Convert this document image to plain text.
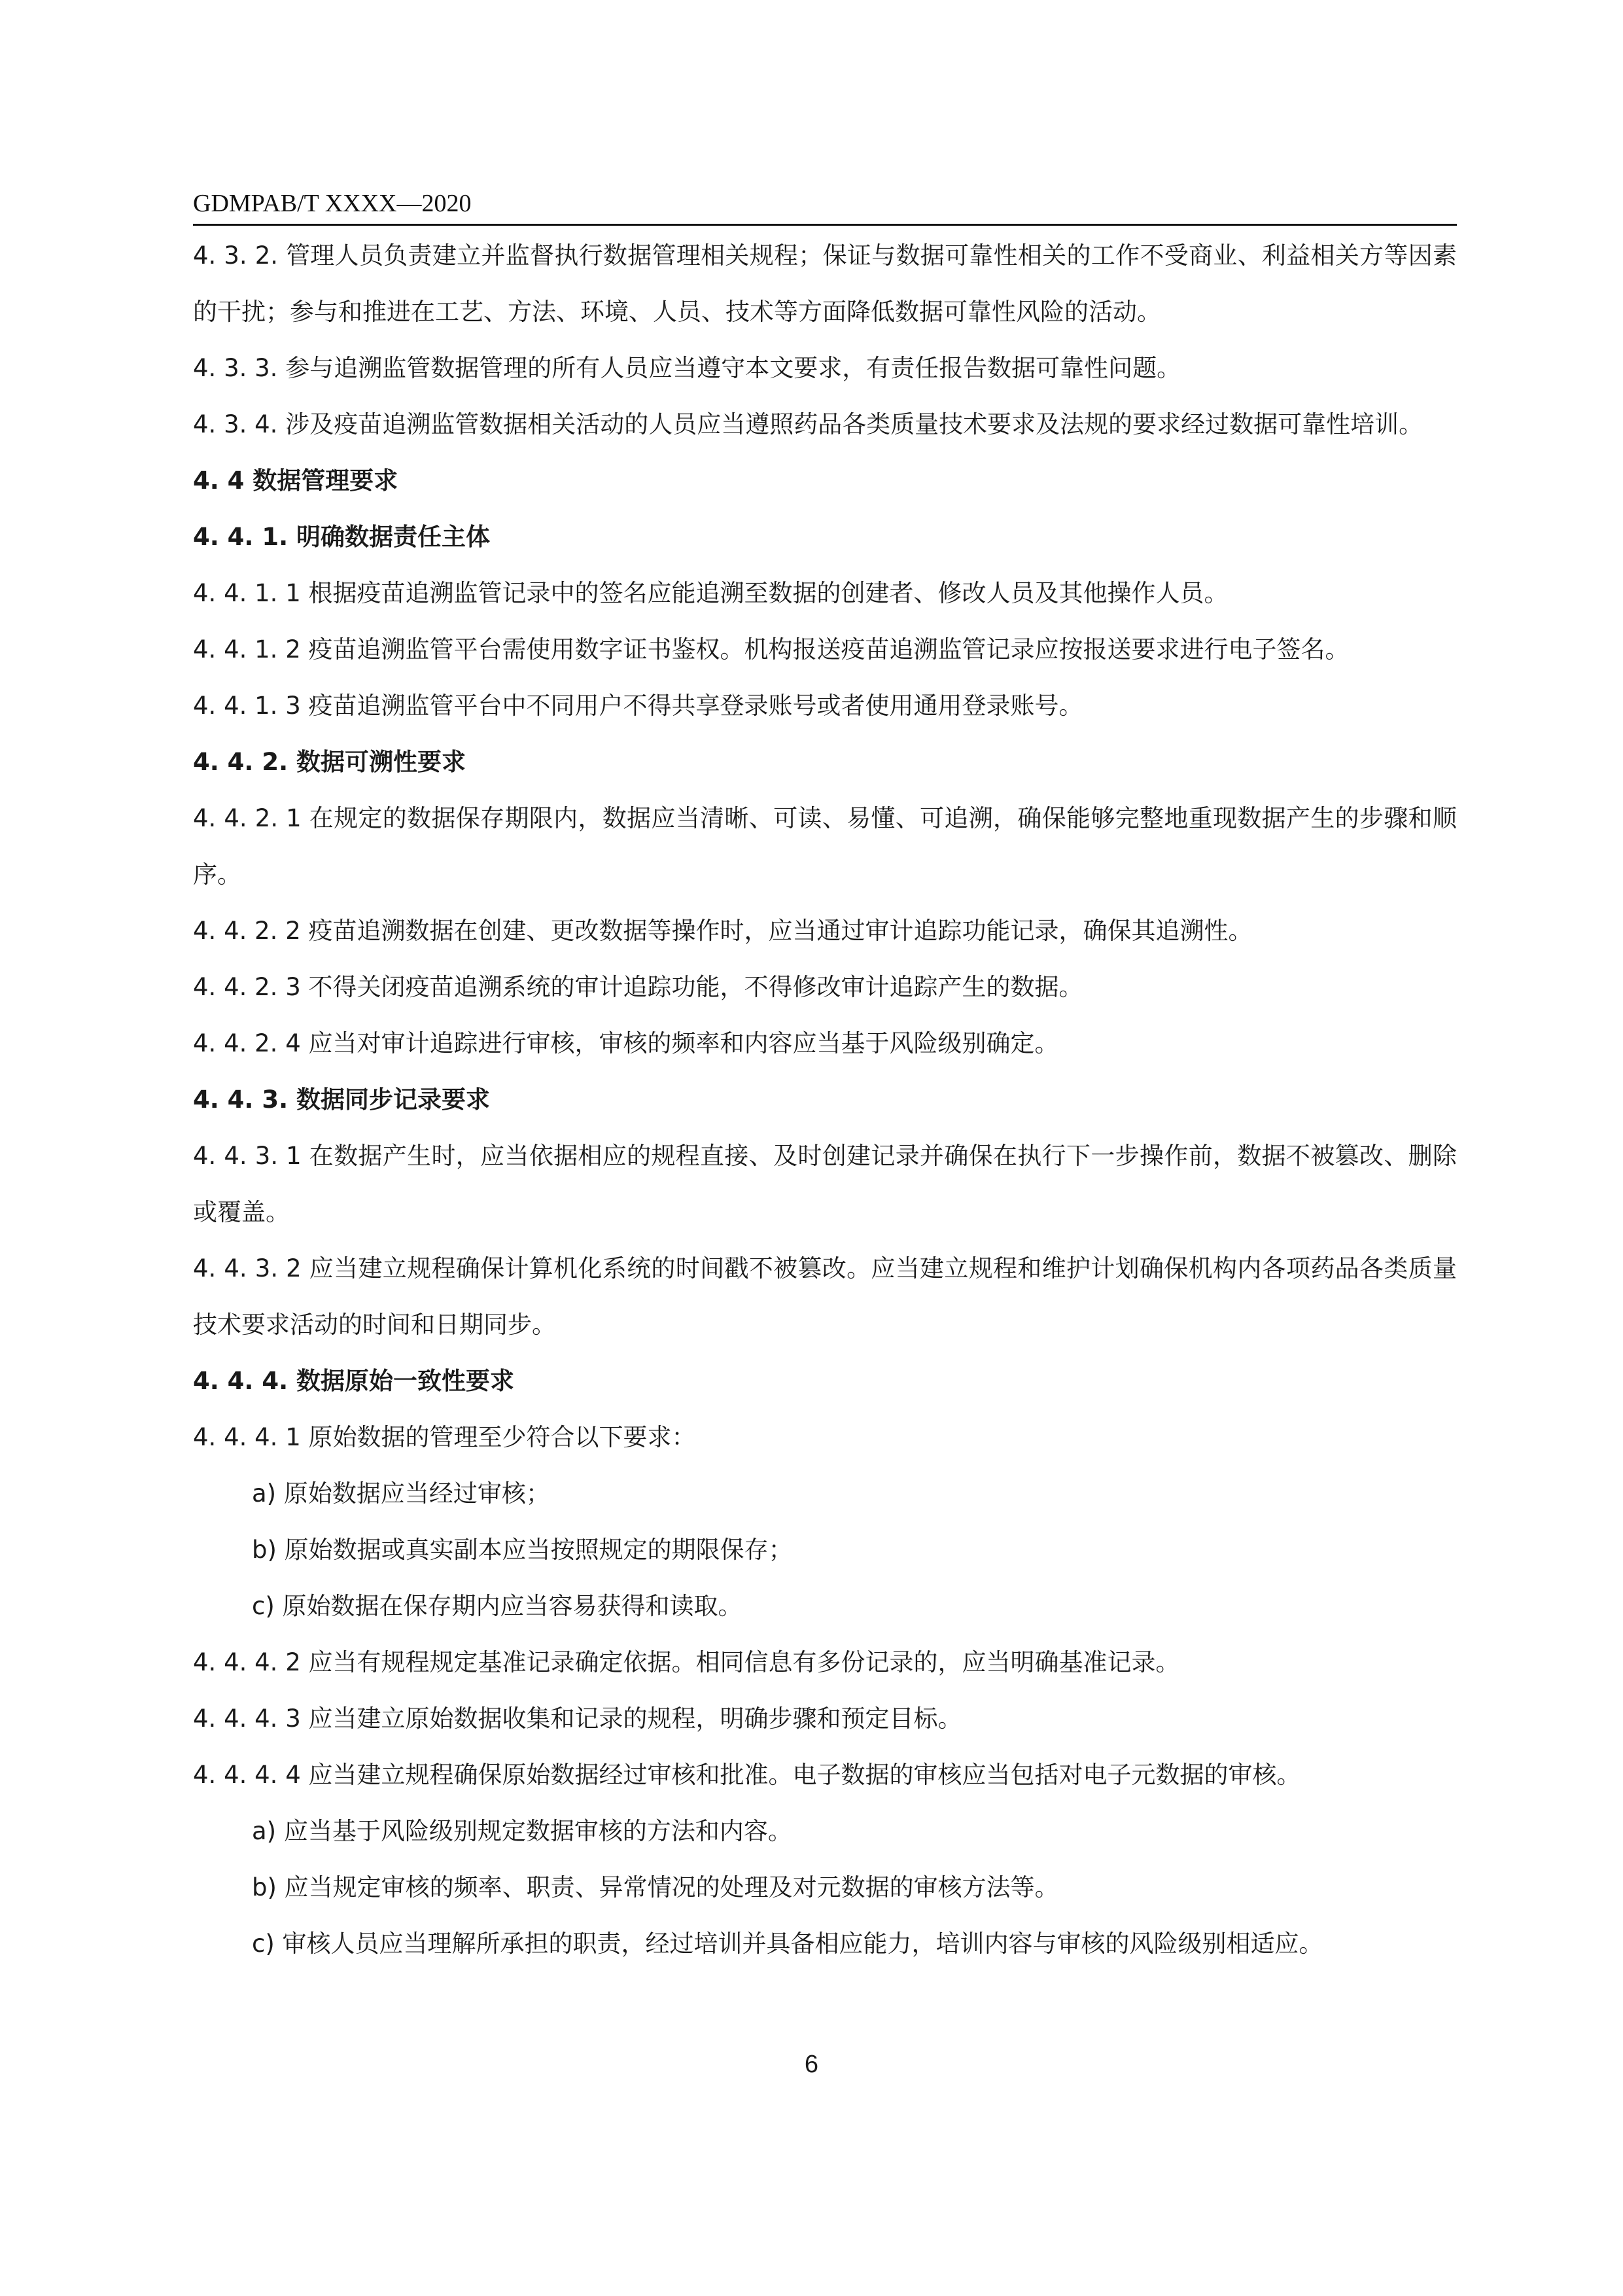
GDMPAB/T XXXX—2020

4. 3. 2. 管理人员负责建立并监督执行数据管理相关规程；保证与数据可靠性相关的工作不受商业、利益相关方等因素的干扰；参与和推进在工艺、方法、环境、人员、技术等方面降低数据可靠性风险的活动。

4. 3. 3. 参与追溯监管数据管理的所有人员应当遵守本文要求，有责任报告数据可靠性问题。

4. 3. 4. 涉及疫苗追溯监管数据相关活动的人员应当遵照药品各类质量技术要求及法规的要求经过数据可靠性培训。

4. 4 数据管理要求

4. 4. 1. 明确数据责任主体

4. 4. 1. 1 根据疫苗追溯监管记录中的签名应能追溯至数据的创建者、修改人员及其他操作人员。

4. 4. 1. 2 疫苗追溯监管平台需使用数字证书鉴权。机构报送疫苗追溯监管记录应按报送要求进行电子签名。

4. 4. 1. 3 疫苗追溯监管平台中不同用户不得共享登录账号或者使用通用登录账号。

4. 4. 2. 数据可溯性要求

4. 4. 2. 1 在规定的数据保存期限内，数据应当清晰、可读、易懂、可追溯，确保能够完整地重现数据产生的步骤和顺序。

4. 4. 2. 2 疫苗追溯数据在创建、更改数据等操作时，应当通过审计追踪功能记录，确保其追溯性。

4. 4. 2. 3 不得关闭疫苗追溯系统的审计追踪功能，不得修改审计追踪产生的数据。

4. 4. 2. 4 应当对审计追踪进行审核，审核的频率和内容应当基于风险级别确定。

4. 4. 3. 数据同步记录要求

4. 4. 3. 1 在数据产生时，应当依据相应的规程直接、及时创建记录并确保在执行下一步操作前，数据不被篡改、删除或覆盖。

4. 4. 3. 2 应当建立规程确保计算机化系统的时间戳不被篡改。应当建立规程和维护计划确保机构内各项药品各类质量技术要求活动的时间和日期同步。

4. 4. 4. 数据原始一致性要求

4. 4. 4. 1 原始数据的管理至少符合以下要求：

a) 原始数据应当经过审核；

b) 原始数据或真实副本应当按照规定的期限保存；

c) 原始数据在保存期内应当容易获得和读取。

4. 4. 4. 2 应当有规程规定基准记录确定依据。相同信息有多份记录的，应当明确基准记录。

4. 4. 4. 3 应当建立原始数据收集和记录的规程，明确步骤和预定目标。

4. 4. 4. 4 应当建立规程确保原始数据经过审核和批准。电子数据的审核应当包括对电子元数据的审核。

a) 应当基于风险级别规定数据审核的方法和内容。

b) 应当规定审核的频率、职责、异常情况的处理及对元数据的审核方法等。

c) 审核人员应当理解所承担的职责，经过培训并具备相应能力，培训内容与审核的风险级别相适应。

6
